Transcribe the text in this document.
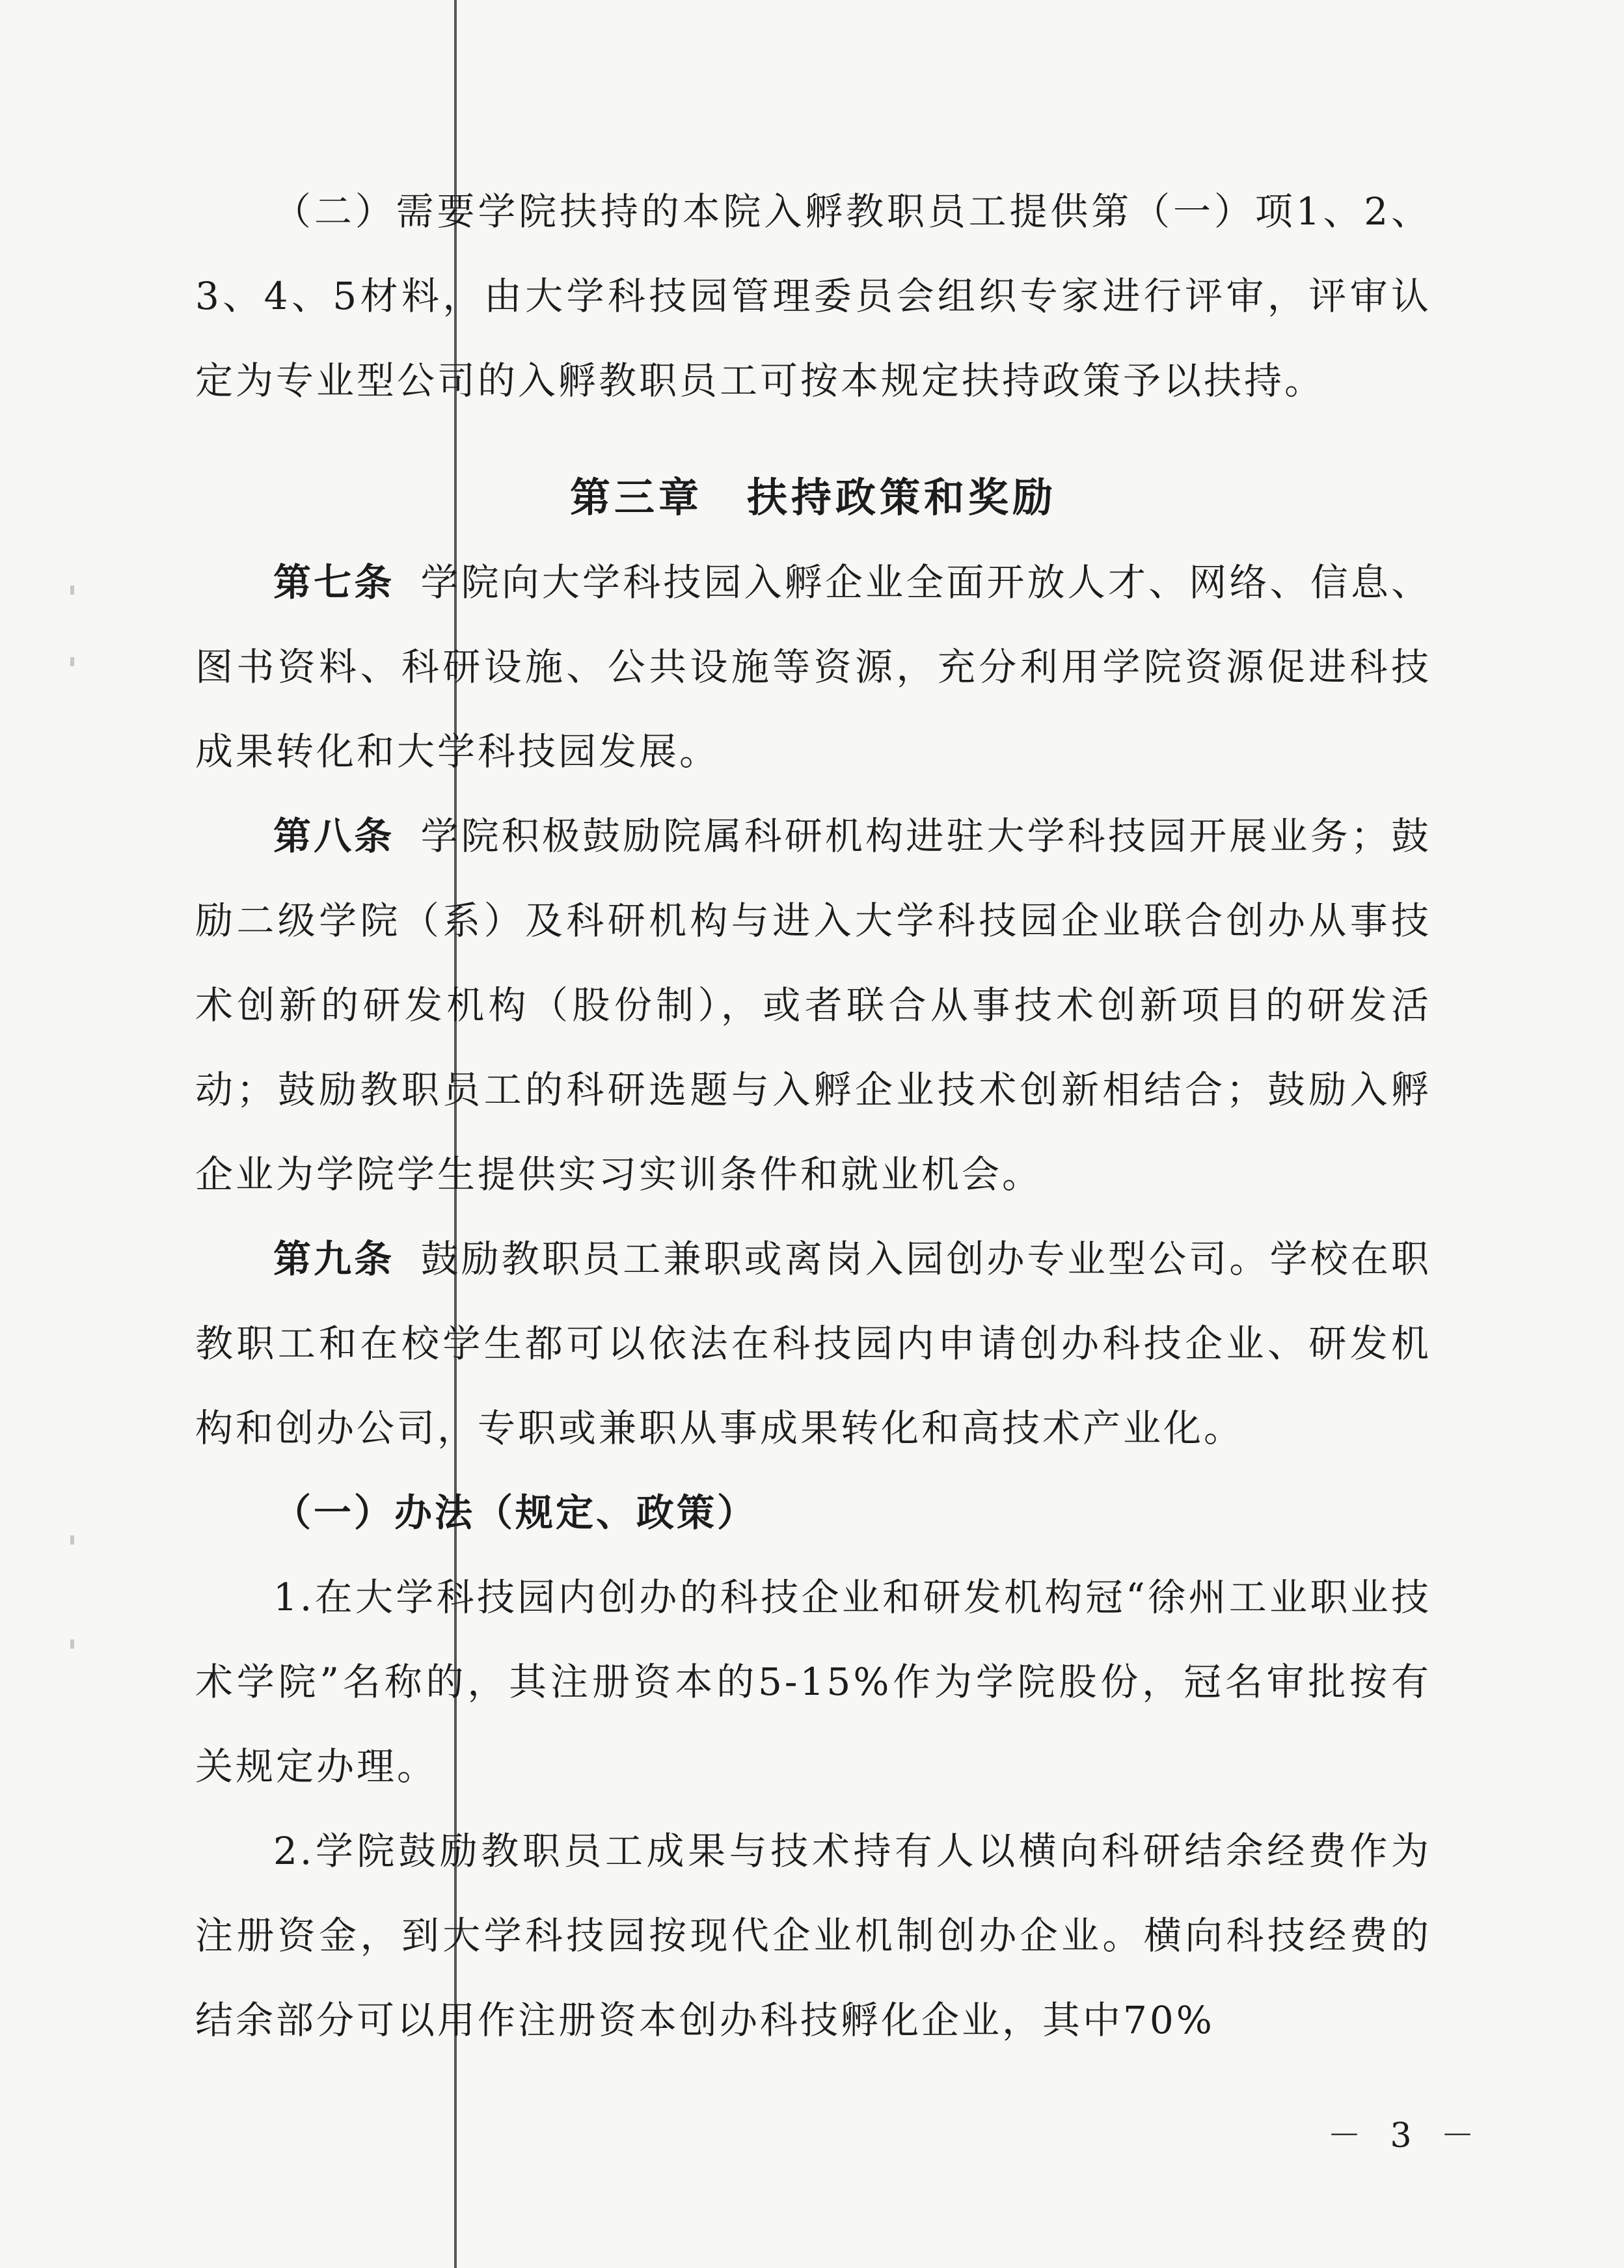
（二）需要学院扶持的本院入孵教职员工提供第（一）项1、2、3、4、5材料，由大学科技园管理委员会组织专家进行评审，评审认定为专业型公司的入孵教职员工可按本规定扶持政策予以扶持。

第三章　扶持政策和奖励

第七条 学院向大学科技园入孵企业全面开放人才、网络、信息、图书资料、科研设施、公共设施等资源，充分利用学院资源促进科技成果转化和大学科技园发展。

第八条 学院积极鼓励院属科研机构进驻大学科技园开展业务；鼓励二级学院（系）及科研机构与进入大学科技园企业联合创办从事技术创新的研发机构（股份制），或者联合从事技术创新项目的研发活动；鼓励教职员工的科研选题与入孵企业技术创新相结合；鼓励入孵企业为学院学生提供实习实训条件和就业机会。

第九条 鼓励教职员工兼职或离岗入园创办专业型公司。学校在职教职工和在校学生都可以依法在科技园内申请创办科技企业、研发机构和创办公司，专职或兼职从事成果转化和高技术产业化。

（一）办法（规定、政策）

1.在大学科技园内创办的科技企业和研发机构冠“徐州工业职业技术学院”名称的，其注册资本的5-15%作为学院股份，冠名审批按有关规定办理。

2.学院鼓励教职员工成果与技术持有人以横向科研结余经费作为注册资金，到大学科技园按现代企业机制创办企业。横向科技经费的结余部分可以用作注册资本创办科技孵化企业，其中70%

－ 3 －
